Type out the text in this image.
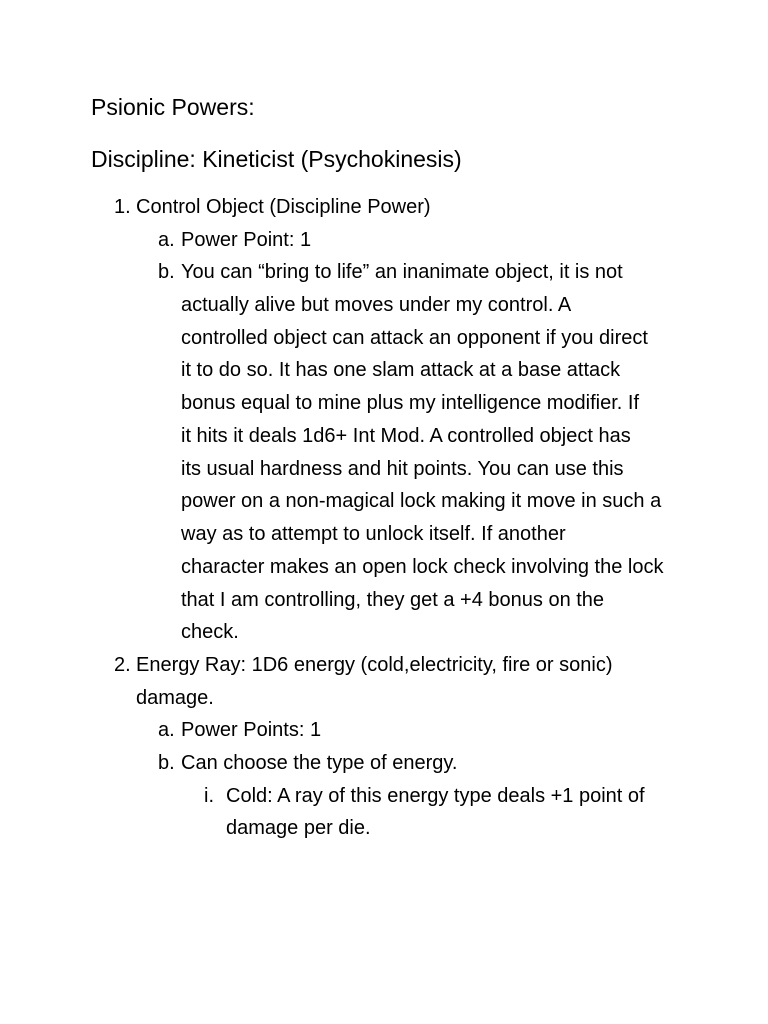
Psionic Powers:
Discipline: Kineticist (Psychokinesis)
1. Control Object (Discipline Power)
a. Power Point: 1
b. You can “bring to life” an inanimate object, it is not
actually alive but moves under my control. A
controlled object can attack an opponent if you direct
it to do so. It has one slam attack at a base attack
bonus equal to mine plus my intelligence modifier. If
it hits it deals 1d6+ Int Mod. A controlled object has
its usual hardness and hit points. You can use this
power on a non-magical lock making it move in such a
way as to attempt to unlock itself. If another
character makes an open lock check involving the lock
that I am controlling, they get a +4 bonus on the
check.
2. Energy Ray: 1D6 energy (cold,electricity, fire or sonic)
damage.
a. Power Points: 1
b. Can choose the type of energy.
i. Cold: A ray of this energy type deals +1 point of
damage per die.
